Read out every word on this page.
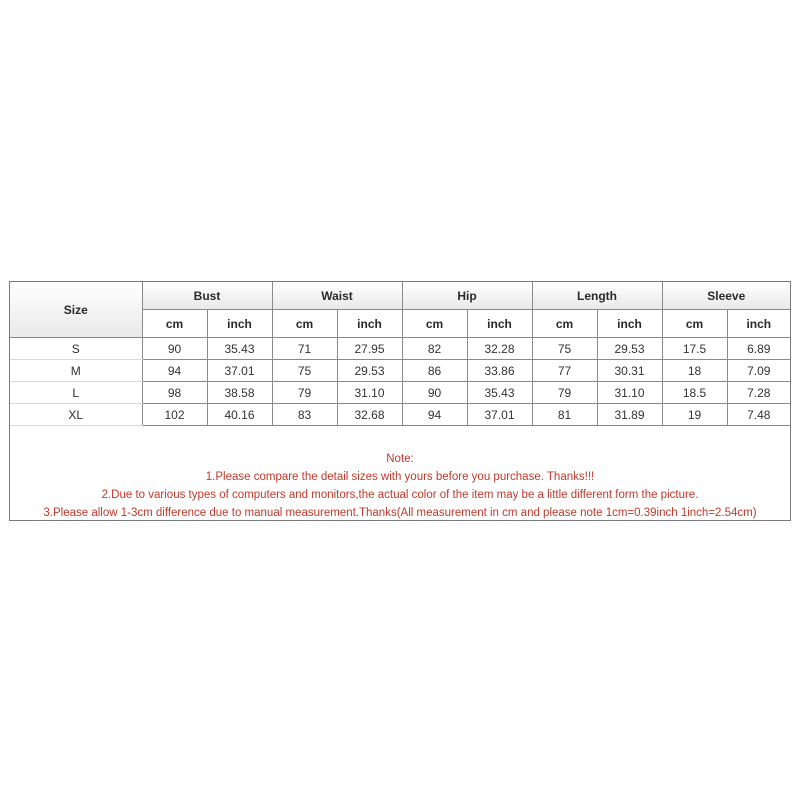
Size	Bust		Waist		Hip		Length		Sleeve	
	cm	inch	cm	inch	cm	inch	cm	inch	cm	inch
S	90	35.43	71	27.95	82	32.28	75	29.53	17.5	6.89
M	94	37.01	75	29.53	86	33.86	77	30.31	18	7.09
L	98	38.58	79	31.10	90	35.43	79	31.10	18.5	7.28
XL	102	40.16	83	32.68	94	37.01	81	31.89	19	7.48
Note:
1.Please compare the detail sizes with yours before you purchase. Thanks!!!
2.Due to various types of computers and monitors,the actual color of the item may be a little different form the picture.
3.Please allow 1-3cm difference due to manual measurement.Thanks(All measurement in cm and please note 1cm=0.39inch 1inch=2.54cm)
